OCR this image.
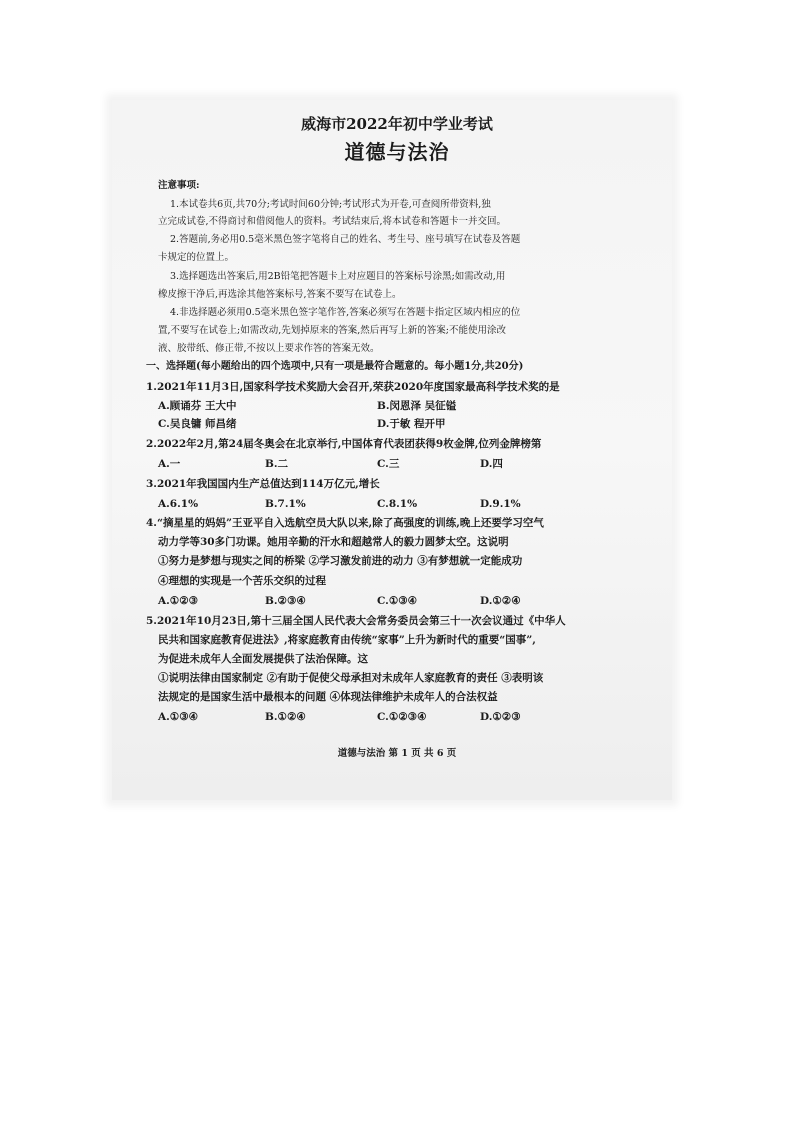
威海市2022年初中学业考试
道德与法治
注意事项:
1.本试卷共6页,共70分;考试时间60分钟;考试形式为开卷,可查阅所带资料,独
立完成试卷,不得商讨和借阅他人的资料。考试结束后,将本试卷和答题卡一并交回。
2.答题前,务必用0.5毫米黑色签字笔将自己的姓名、考生号、座号填写在试卷及答题
卡规定的位置上。
3.选择题选出答案后,用2B铅笔把答题卡上对应题目的答案标号涂黑;如需改动,用
橡皮擦干净后,再选涂其他答案标号,答案不要写在试卷上。
4.非选择题必须用0.5毫米黑色签字笔作答,答案必须写在答题卡指定区域内相应的位
置,不要写在试卷上;如需改动,先划掉原来的答案,然后再写上新的答案;不能使用涂改
液、胶带纸、修正带,不按以上要求作答的答案无效。
一、选择题(每小题给出的四个选项中,只有一项是最符合题意的。每小题1分,共20分)
1.2021年11月3日,国家科学技术奖励大会召开,荣获2020年度国家最高科学技术奖的是
A.顾诵芬 王大中	B.闵恩泽 吴征镒
C.吴良镛 师昌绪	D.于敏 程开甲
2.2022年2月,第24届冬奥会在北京举行,中国体育代表团获得9枚金牌,位列金牌榜第
A.一	B.二	C.三	D.四
3.2021年我国国内生产总值达到114万亿元,增长
A.6.1%	B.7.1%	C.8.1%	D.9.1%
4.“摘星星的妈妈”王亚平自入选航空员大队以来,除了高强度的训练,晚上还要学习空气
动力学等30多门功课。她用辛勤的汗水和超越常人的毅力圆梦太空。这说明
①努力是梦想与现实之间的桥梁 ②学习激发前进的动力 ③有梦想就一定能成功
④理想的实现是一个苦乐交织的过程
A.①②③	B.②③④	C.①③④	D.①②④
5.2021年10月23日,第十三届全国人民代表大会常务委员会第三十一次会议通过《中华人
民共和国家庭教育促进法》,将家庭教育由传统“家事”上升为新时代的重要“国事”,
为促进未成年人全面发展提供了法治保障。这
①说明法律由国家制定 ②有助于促使父母承担对未成年人家庭教育的责任 ③表明该
法规定的是国家生活中最根本的问题 ④体现法律维护未成年人的合法权益
A.①③④	B.①②④	C.①②③④	D.①②③
道德与法治 第 1 页 共 6 页
